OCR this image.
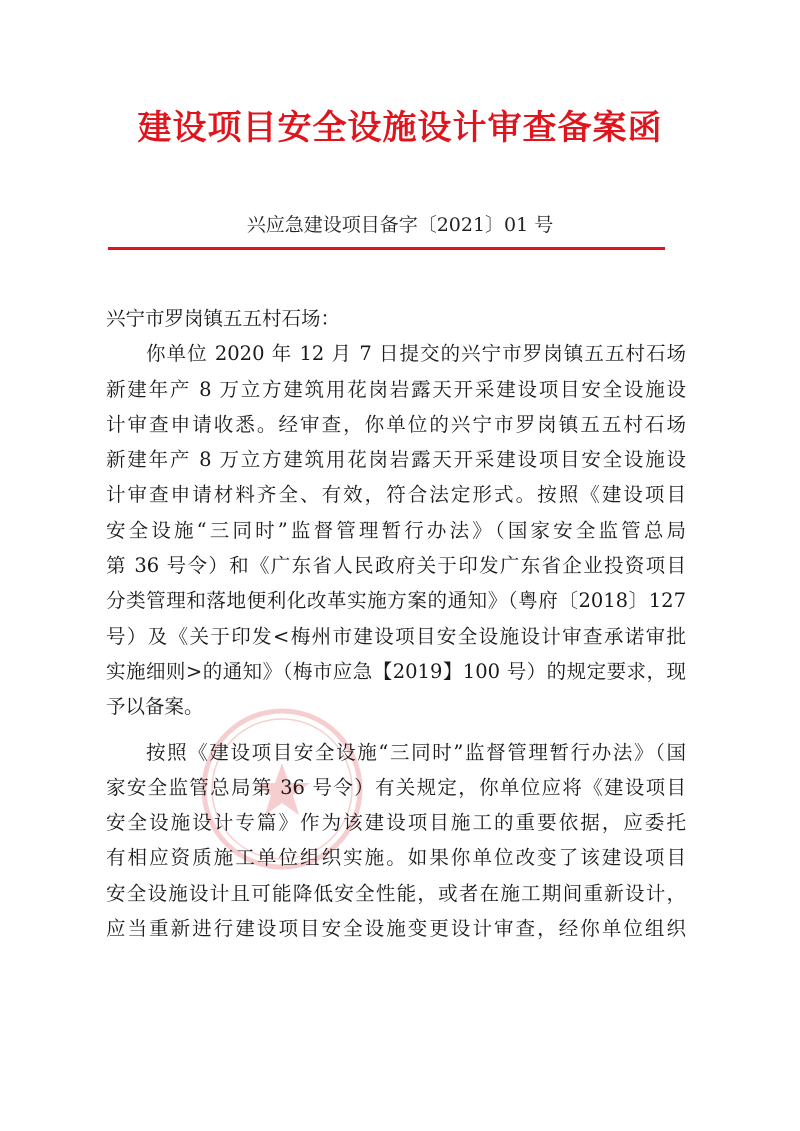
建设项目安全设施设计审查备案函
兴应急建设项目备字〔2021〕01 号
兴宁市罗岗镇五五村石场：
你单位 2020 年 12 月 7 日提交的兴宁市罗岗镇五五村石场
新建年产 8 万立方建筑用花岗岩露天开采建设项目安全设施设
计审查申请收悉。经审查，你单位的兴宁市罗岗镇五五村石场
新建年产 8 万立方建筑用花岗岩露天开采建设项目安全设施设
计审查申请材料齐全、有效，符合法定形式。按照《建设项目
安全设施“三同时”监督管理暂行办法》（国家安全监管总局
第 36 号令）和《广东省人民政府关于印发广东省企业投资项目
分类管理和落地便利化改革实施方案的通知》（粤府〔2018〕127
号）及《关于印发<梅州市建设项目安全设施设计审查承诺审批
实施细则>的通知》（梅市应急【2019】100 号）的规定要求，现
予以备案。
按照《建设项目安全设施“三同时”监督管理暂行办法》（国
家安全监管总局第 36 号令）有关规定，你单位应将《建设项目
安全设施设计专篇》作为该建设项目施工的重要依据，应委托
有相应资质施工单位组织实施。如果你单位改变了该建设项目
安全设施设计且可能降低安全性能，或者在施工期间重新设计，
应当重新进行建设项目安全设施变更设计审查，经你单位组织
